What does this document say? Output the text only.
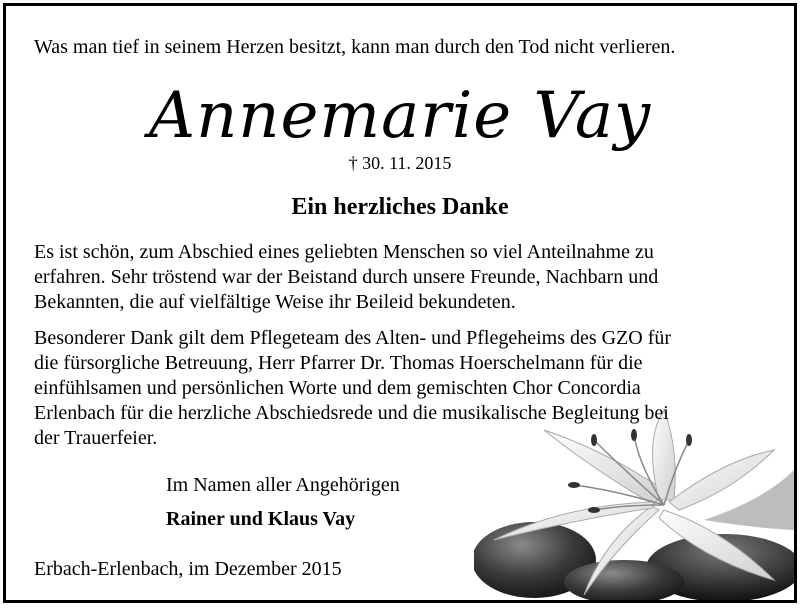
Was man tief in seinem Herzen besitzt, kann man durch den Tod nicht verlieren.
Annemarie Vay
† 30. 11. 2015
Ein herzliches Danke
Es ist schön, zum Abschied eines geliebten Menschen so viel Anteilnahme zu
erfahren. Sehr tröstend war der Beistand durch unsere Freunde, Nachbarn und
Bekannten, die auf vielfältige Weise ihr Beileid bekundeten.
Besonderer Dank gilt dem Pflegeteam des Alten- und Pflegeheims des GZO für
die fürsorgliche Betreuung, Herr Pfarrer Dr. Thomas Hoerschelmann für die
einfühlsamen und persönlichen Worte und dem gemischten Chor Concordia
Erlenbach für die herzliche Abschiedsrede und die musikalische Begleitung bei
der Trauerfeier.
Im Namen aller Angehörigen
Rainer und Klaus Vay
Erbach-Erlenbach, im Dezember 2015
